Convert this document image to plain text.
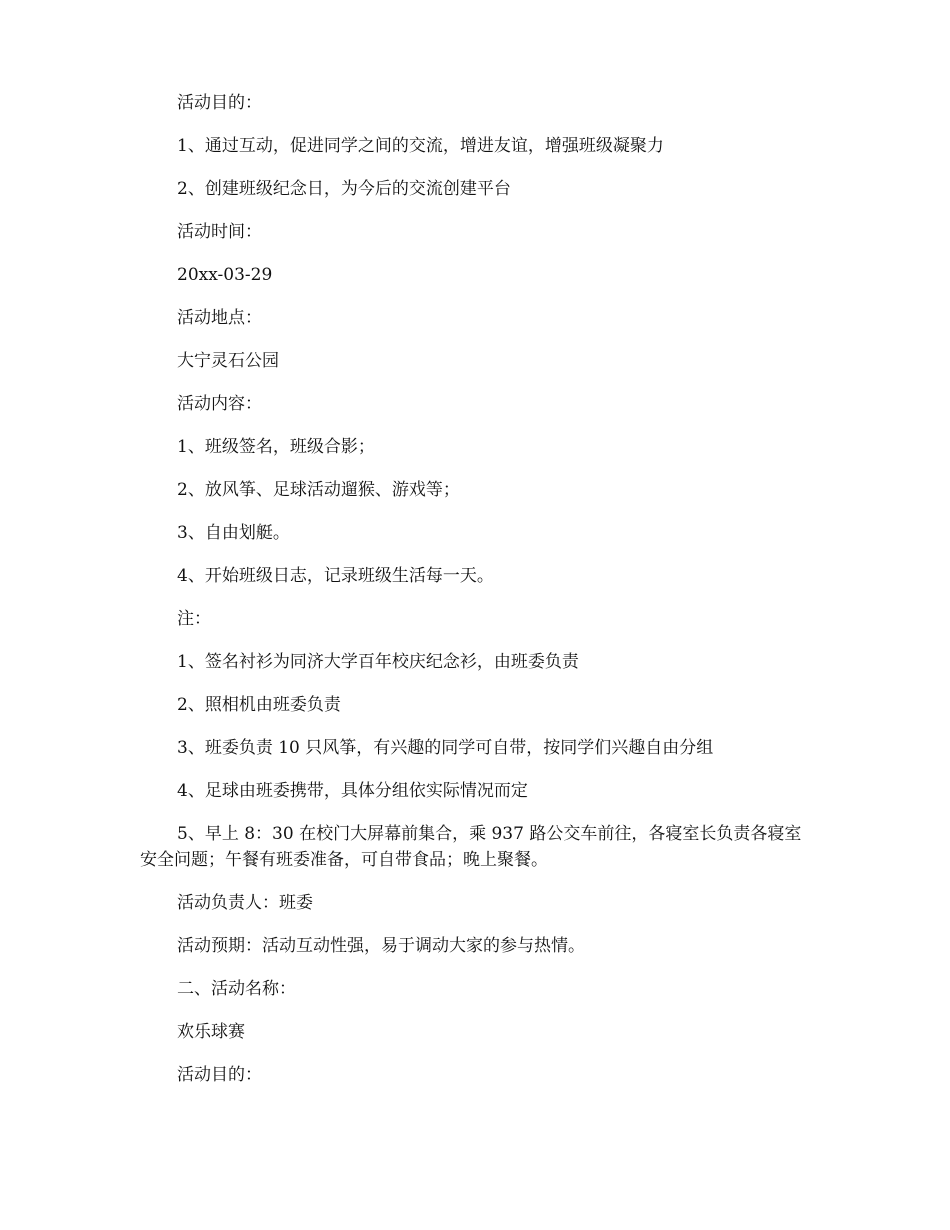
活动目的：

1、通过互动，促进同学之间的交流，增进友谊，增强班级凝聚力

2、创建班级纪念日，为今后的交流创建平台

活动时间：

20xx-03-29

活动地点：

大宁灵石公园

活动内容：

1、班级签名，班级合影；

2、放风筝、足球活动遛猴、游戏等；

3、自由划艇。

4、开始班级日志，记录班级生活每一天。

注：

1、签名衬衫为同济大学百年校庆纪念衫，由班委负责

2、照相机由班委负责

3、班委负责 10 只风筝，有兴趣的同学可自带，按同学们兴趣自由分组

4、足球由班委携带，具体分组依实际情况而定

5、早上 8：30 在校门大屏幕前集合，乘 937 路公交车前往，各寝室长负责各寝室安全问题；午餐有班委准备，可自带食品；晚上聚餐。

活动负责人：班委

活动预期：活动互动性强，易于调动大家的参与热情。

二、活动名称：

欢乐球赛

活动目的：
